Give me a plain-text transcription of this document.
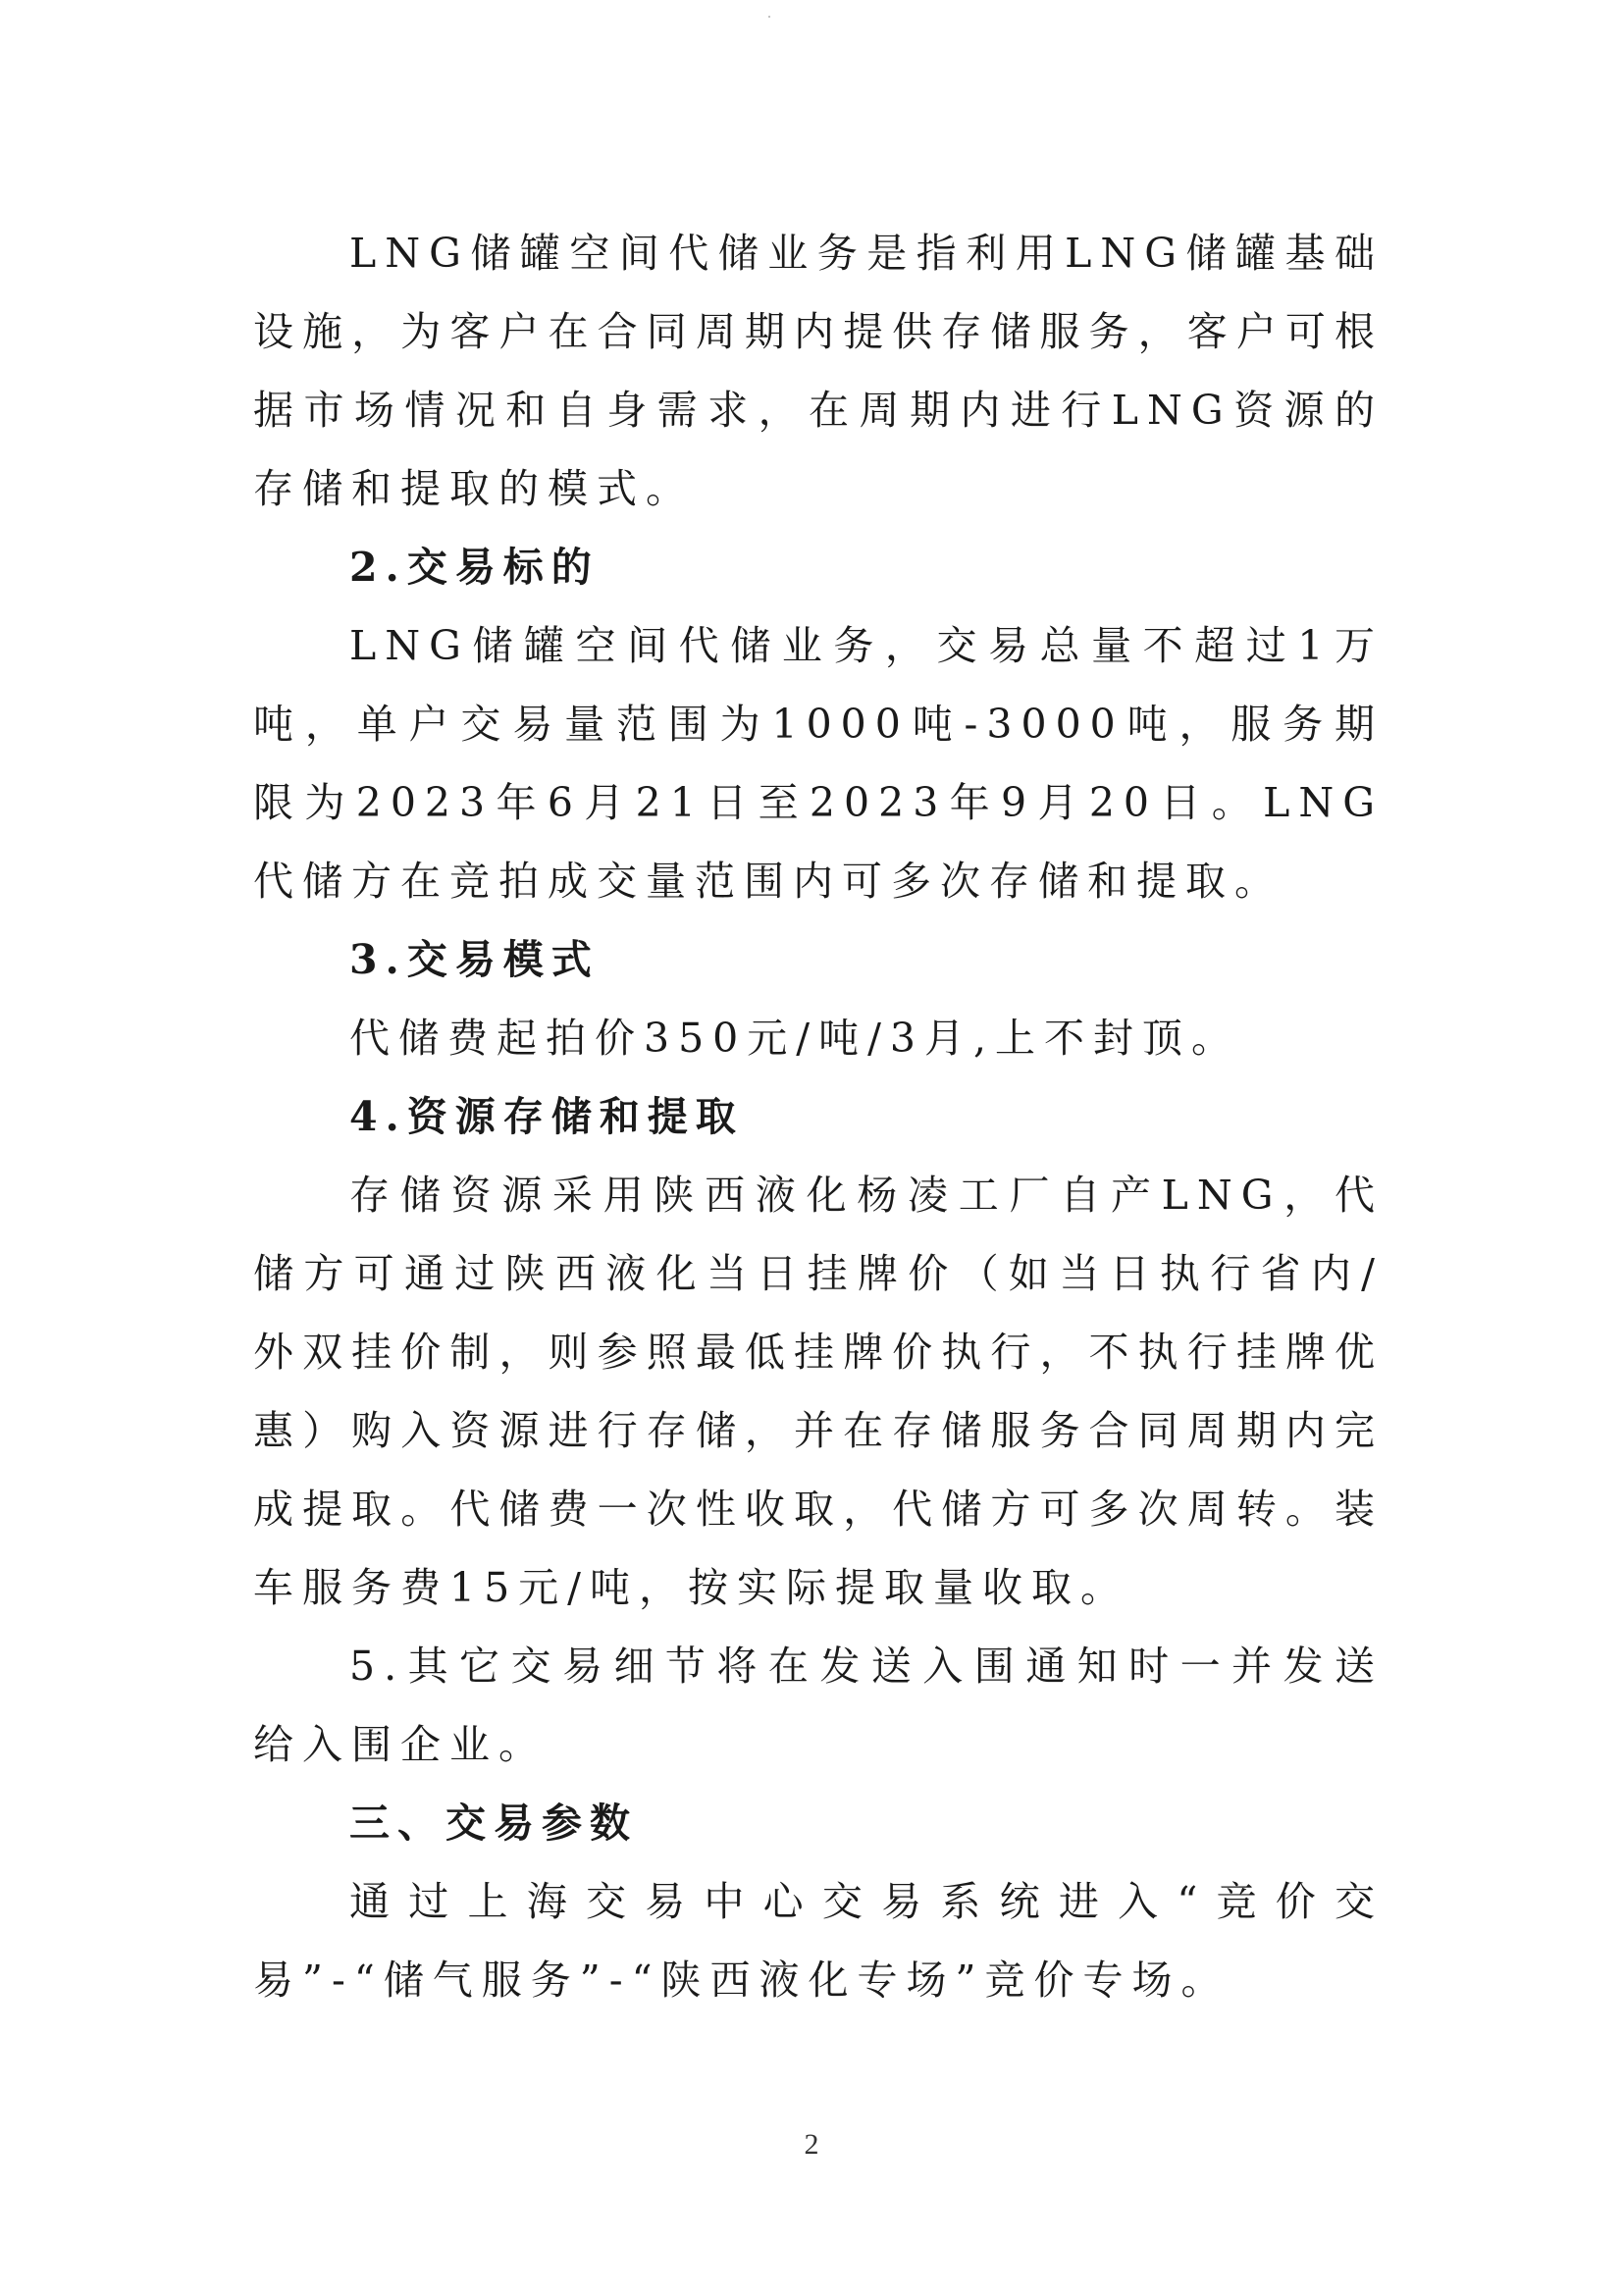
LNG储罐空间代储业务是指利用LNG储罐基础设施，为客户在合同周期内提供存储服务，客户可根据市场情况和自身需求，在周期内进行LNG资源的存储和提取的模式。

2.交易标的

LNG储罐空间代储业务，交易总量不超过1万吨，单户交易量范围为1000吨-3000吨，服务期限为2023年6月21日至2023年9月20日。LNG代储方在竞拍成交量范围内可多次存储和提取。

3.交易模式

代储费起拍价350元/吨/3月,上不封顶。

4.资源存储和提取

存储资源采用陕西液化杨凌工厂自产LNG，代储方可通过陕西液化当日挂牌价（如当日执行省内/外双挂价制，则参照最低挂牌价执行，不执行挂牌优惠）购入资源进行存储，并在存储服务合同周期内完成提取。代储费一次性收取，代储方可多次周转。装车服务费15元/吨，按实际提取量收取。

5.其它交易细节将在发送入围通知时一并发送给入围企业。

三、交易参数

通过上海交易中心交易系统进入“竞价交易”-“储气服务”-“陕西液化专场”竞价专场。

2
